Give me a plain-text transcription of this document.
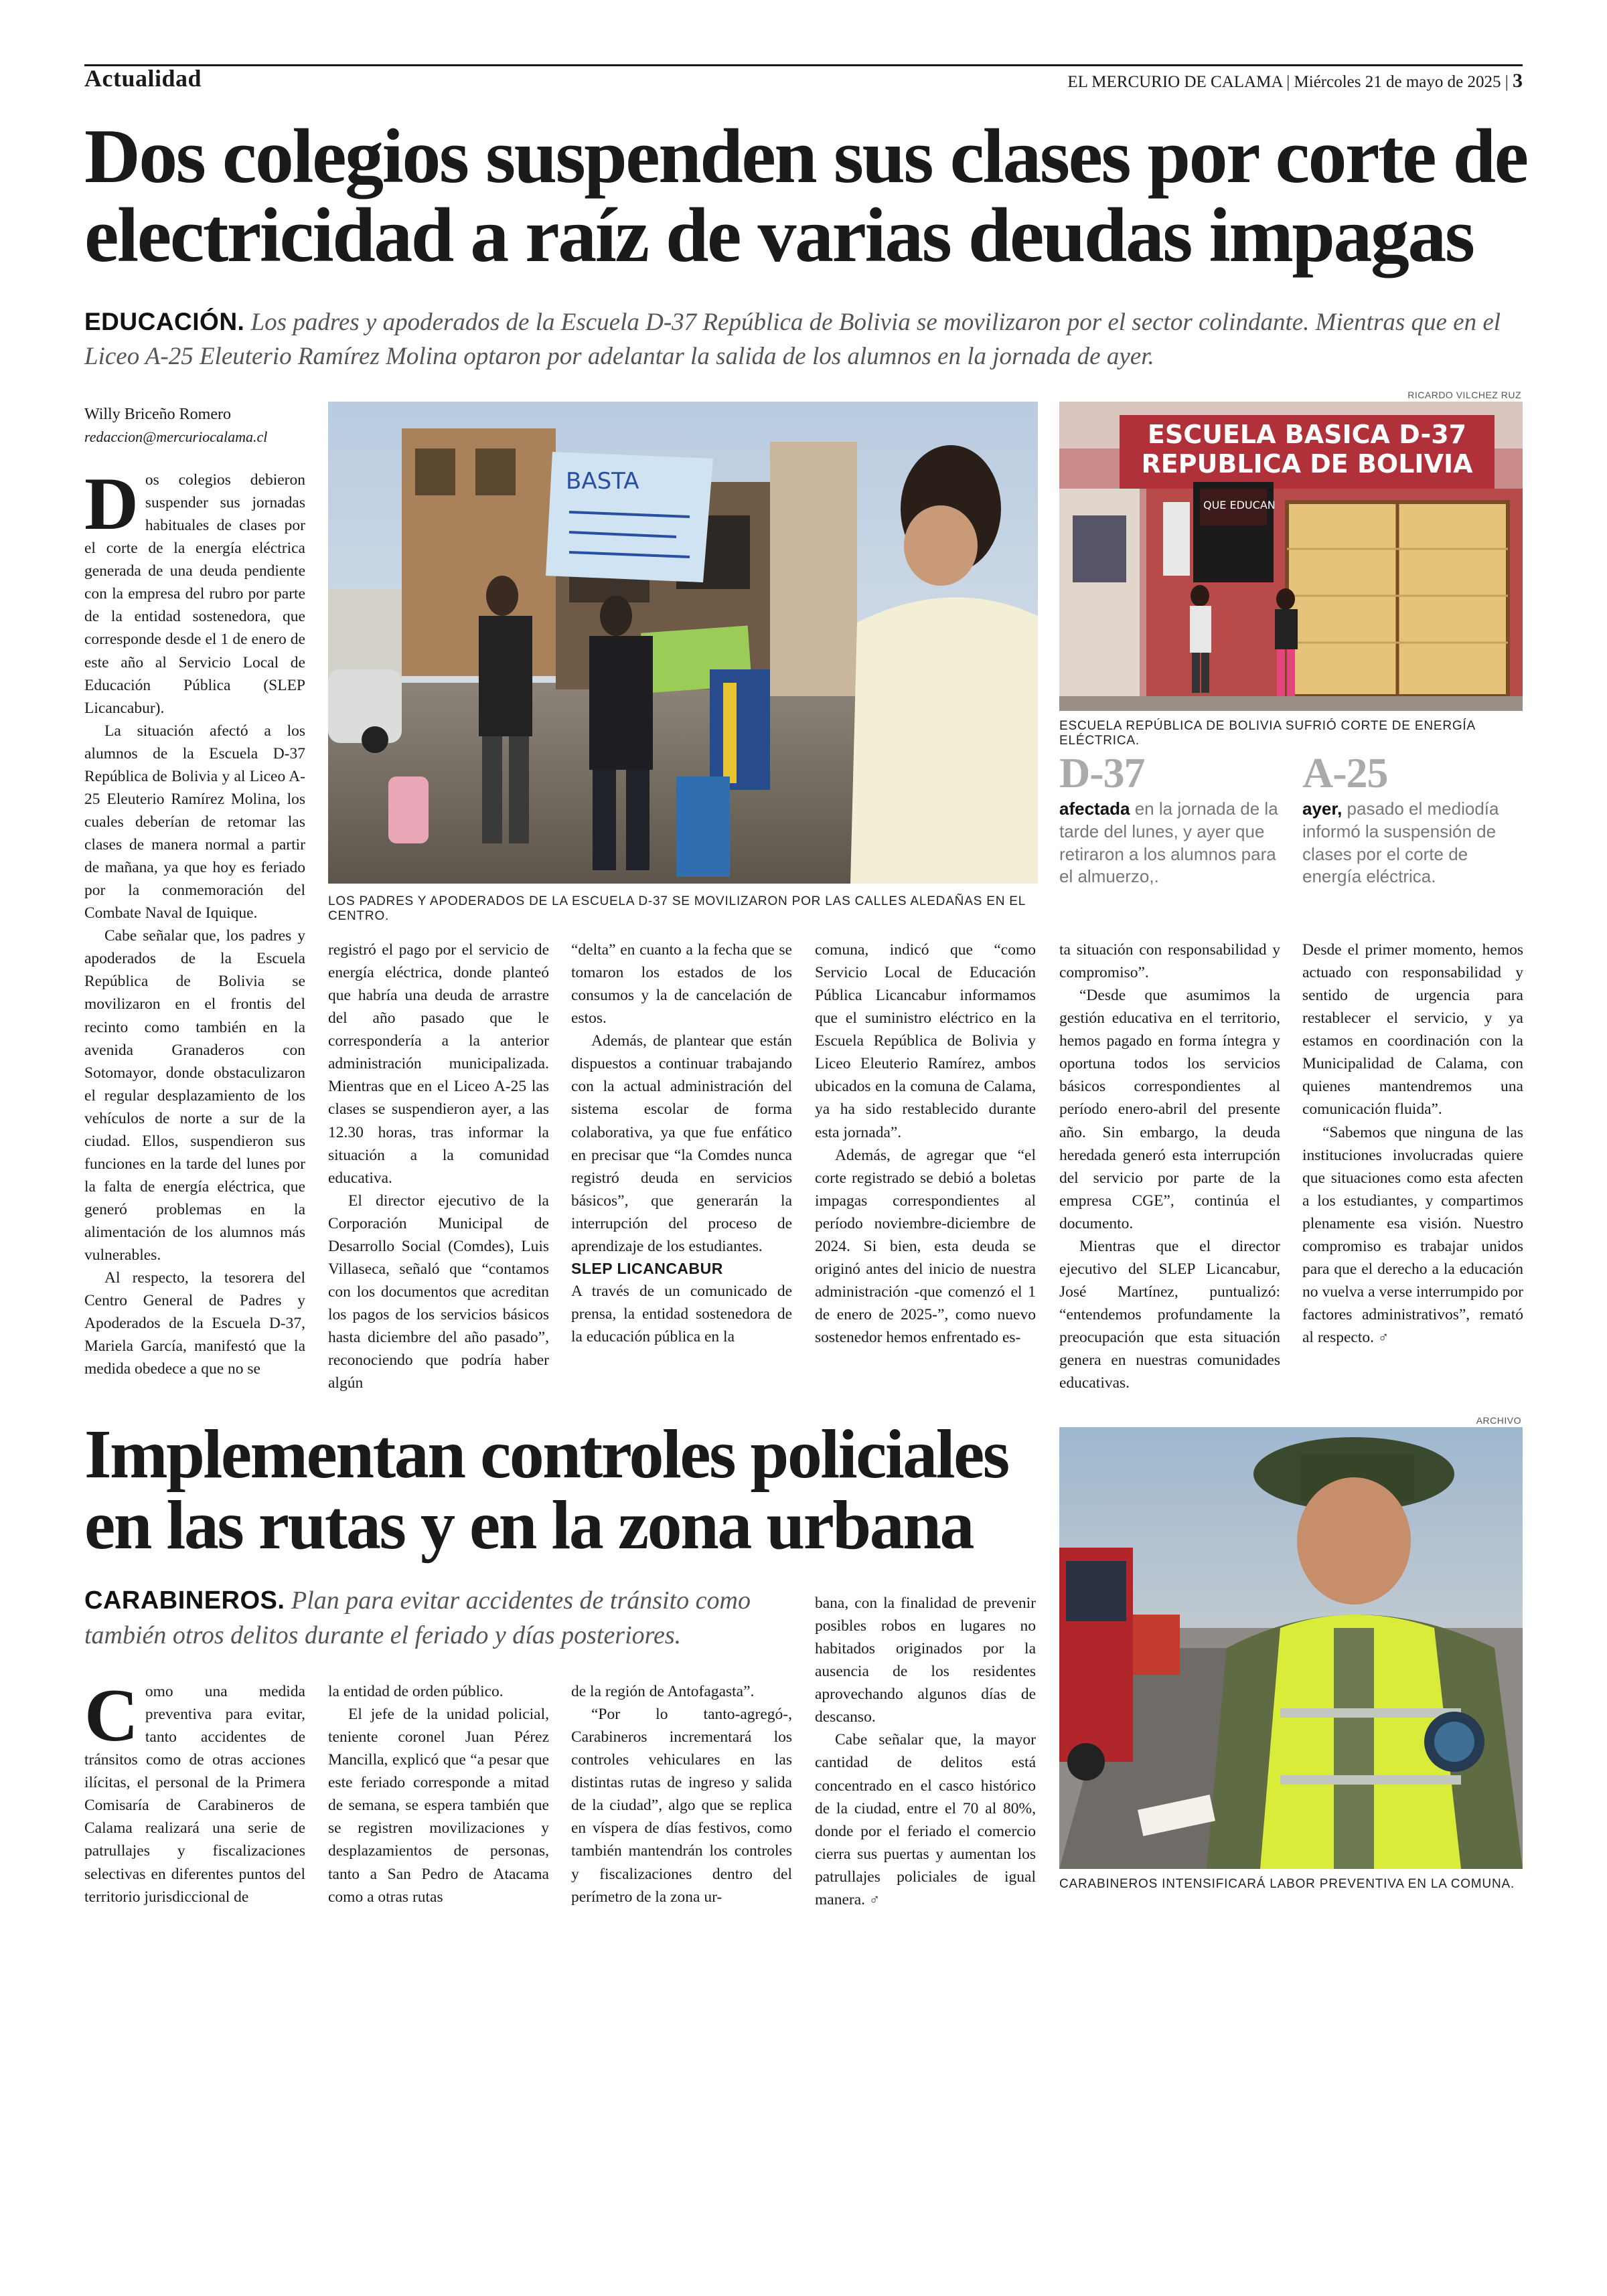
Actualidad	EL MERCURIO DE CALAMA | Miércoles 21 de mayo de 2025 | 3
Dos colegios suspenden sus clases por corte de electricidad a raíz de varias deudas impagas
EDUCACIÓN. Los padres y apoderados de la Escuela D-37 República de Bolivia se movilizaron por el sector colindante. Mientras que en el Liceo A-25 Eleuterio Ramírez Molina optaron por adelantar la salida de los alumnos en la jornada de ayer.
Willy Briceño Romero
redaccion@mercuriocalama.cl
BASTA
LOS PADRES Y APODERADOS DE LA ESCUELA D-37 SE MOVILIZARON POR LAS CALLES ALEDAÑAS EN EL CENTRO.
RICARDO VILCHEZ RUZ
ESCUELA BASICA D-37
REPUBLICA DE BOLIVIA
QUE EDUCAN
ESCUELA REPÚBLICA DE BOLIVIA SUFRIÓ CORTE DE ENERGÍA ELÉCTRICA.
D-37
afectada en la jornada de la tarde del lunes, y ayer que retiraron a los alumnos para el almuerzo,.
A-25
ayer, pasado el mediodía informó la suspensión de clases por el corte de energía eléctrica.

Dos colegios debieron suspender sus jornadas habituales de clases por el corte de la energía eléctrica generada de una deuda pendiente con la empresa del rubro por parte de la entidad sostenedora, que corresponde desde el 1 de enero de este año al Servicio Local de Educación Pública (SLEP Licancabur).

La situación afectó a los alumnos de la Escuela D-37 República de Bolivia y al Liceo A-25 Eleuterio Ramírez Molina, los cuales deberían de retomar las clases de manera normal a partir de mañana, ya que hoy es feriado por la conmemoración del Combate Naval de Iquique.

Cabe señalar que, los padres y apoderados de la Escuela República de Bolivia se movilizaron en el frontis del recinto como también en la avenida Granaderos con Sotomayor, donde obstaculizaron el regular desplazamiento de los vehículos de norte a sur de la ciudad. Ellos, suspendieron sus funciones en la tarde del lunes por la falta de energía eléctrica, que generó problemas en la alimentación de los alumnos más vulnerables.

Al respecto, la tesorera del Centro General de Padres y Apoderados de la Escuela D-37, Mariela García, manifestó que la medida obedece a que no se

registró el pago por el servicio de energía eléctrica, donde planteó que habría una deuda de arrastre del año pasado que le correspondería a la anterior administración municipalizada. Mientras que en el Liceo A-25 las clases se suspendieron ayer, a las 12.30 horas, tras informar la situación a la comunidad educativa.

El director ejecutivo de la Corporación Municipal de Desarrollo Social (Comdes), Luis Villaseca, señaló que “contamos con los documentos que acreditan los pagos de los servicios básicos hasta diciembre del año pasado”, reconociendo que podría haber algún

“delta” en cuanto a la fecha que se tomaron los estados de los consumos y la de cancelación de estos.

Además, de plantear que están dispuestos a continuar trabajando con la actual administración del sistema escolar de forma colaborativa, ya que fue enfático en precisar que “la Comdes nunca registró deuda en servicios básicos”, que generarán la interrupción del proceso de aprendizaje de los estudiantes.

SLEP LICANCABUR

A través de un comunicado de prensa, la entidad sostenedora de la educación pública en la

comuna, indicó que “como Servicio Local de Educación Pública Licancabur informamos que el suministro eléctrico en la Escuela República de Bolivia y Liceo Eleuterio Ramírez, ambos ubicados en la comuna de Calama, ya ha sido restablecido durante esta jornada”.

Además, de agregar que “el corte registrado se debió a boletas impagas correspondientes al período noviembre-diciembre de 2024. Si bien, esta deuda se originó antes del inicio de nuestra administración -que comenzó el 1 de enero de 2025-”, como nuevo sostenedor hemos enfrentado es-

ta situación con responsabilidad y compromiso”.

“Desde que asumimos la gestión educativa en el territorio, hemos pagado en forma íntegra y oportuna todos los servicios básicos correspondientes al período enero-abril del presente año. Sin embargo, la deuda heredada generó esta interrupción del servicio por parte de la empresa CGE”, continúa el documento.

Mientras que el director ejecutivo del SLEP Licancabur, José Martínez, puntualizó: “entendemos profundamente la preocupación que esta situación genera en nuestras comunidades educativas.

Desde el primer momento, hemos actuado con responsabilidad y sentido de urgencia para restablecer el servicio, y ya estamos en coordinación con la Municipalidad de Calama, con quienes mantendremos una comunicación fluida”.

“Sabemos que ninguna de las instituciones involucradas quiere que situaciones como esta afecten a los estudiantes, y compartimos plenamente esa visión. Nuestro compromiso es trabajar unidos para que el derecho a la educación no vuelva a verse interrumpido por factores administrativos”, remató al respecto. ♂

Implementan controles policiales en las rutas y en la zona urbana
CARABINEROS. Plan para evitar accidentes de tránsito como también otros delitos durante el feriado y días posteriores.
ARCHIVO
CARABINEROS INTENSIFICARÁ LABOR PREVENTIVA EN LA COMUNA.

Como una medida preventiva para evitar, tanto accidentes de tránsitos como de otras acciones ilícitas, el personal de la Primera Comisaría de Carabineros de Calama realizará una serie de patrullajes y fiscalizaciones selectivas en diferentes puntos del territorio jurisdiccional de

la entidad de orden público.

El jefe de la unidad policial, teniente coronel Juan Pérez Mancilla, explicó que “a pesar que este feriado corresponde a mitad de semana, se espera también que se registren movilizaciones y desplazamientos de personas, tanto a San Pedro de Atacama como a otras rutas

de la región de Antofagasta”.

“Por lo tanto-agregó-, Carabineros incrementará los controles vehiculares en las distintas rutas de ingreso y salida de la ciudad”, algo que se replica en víspera de días festivos, como también mantendrán los controles y fiscalizaciones dentro del perímetro de la zona ur-

bana, con la finalidad de prevenir posibles robos en lugares no habitados originados por la ausencia de los residentes aprovechando algunos días de descanso.

Cabe señalar que, la mayor cantidad de delitos está concentrado en el casco histórico de la ciudad, entre el 70 al 80%, donde por el feriado el comercio cierra sus puertas y aumentan los patrullajes policiales de igual manera. ♂
